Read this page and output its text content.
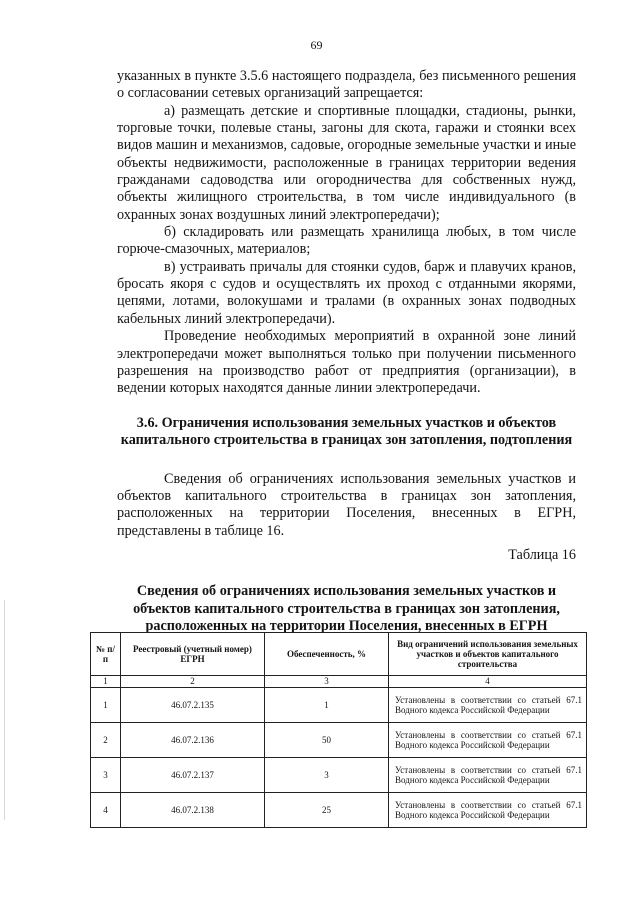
69

указанных в пункте 3.5.6 настоящего подраздела, без письменного решения о согласовании сетевых организаций запрещается:

а) размещать детские и спортивные площадки, стадионы, рынки, торговые точки, полевые станы, загоны для скота, гаражи и стоянки всех видов машин и механизмов, садовые, огородные земельные участки и иные объекты недвижимости, расположенные в границах территории ведения гражданами садоводства или огородничества для собственных нужд, объекты жилищного строительства, в том числе индивидуального (в охранных зонах воздушных линий электропередачи);

б) складировать или размещать хранилища любых, в том числе горюче-смазочных, материалов;

в) устраивать причалы для стоянки судов, барж и плавучих кранов, бросать якоря с судов и осуществлять их проход с отданными якорями, цепями, лотами, волокушами и тралами (в охранных зонах подводных кабельных линий электропередачи).

Проведение необходимых мероприятий в охранной зоне линий электропередачи может выполняться только при получении письменного разрешения на производство работ от предприятия (организации), в ведении которых находятся данные линии электропередачи.

3.6. Ограничения использования земельных участков и объектов капитального строительства в границах зон затопления, подтопления

Сведения об ограничениях использования земельных участков и объектов капитального строительства в границах зон затопления, расположенных на территории Поселения, внесенных в ЕГРН, представлены в таблице 16.

Таблица 16

Сведения об ограничениях использования земельных участков и объектов капитального строительства в границах зон затопления, расположенных на территории Поселения, внесенных в ЕГРН

№ п/п	Реестровый (учетный номер) ЕГРН	Обеспеченность, %	Вид ограничений использования земельных участков и объектов капитального строительства
1	2	3	4
1	46.07.2.135	1	Установлены в соответствии со статьей 67.1 Водного кодекса Российской Федерации
2	46.07.2.136	50	Установлены в соответствии со статьей 67.1 Водного кодекса Российской Федерации
3	46.07.2.137	3	Установлены в соответствии со статьей 67.1 Водного кодекса Российской Федерации
4	46.07.2.138	25	Установлены в соответствии со статьей 67.1 Водного кодекса Российской Федерации
